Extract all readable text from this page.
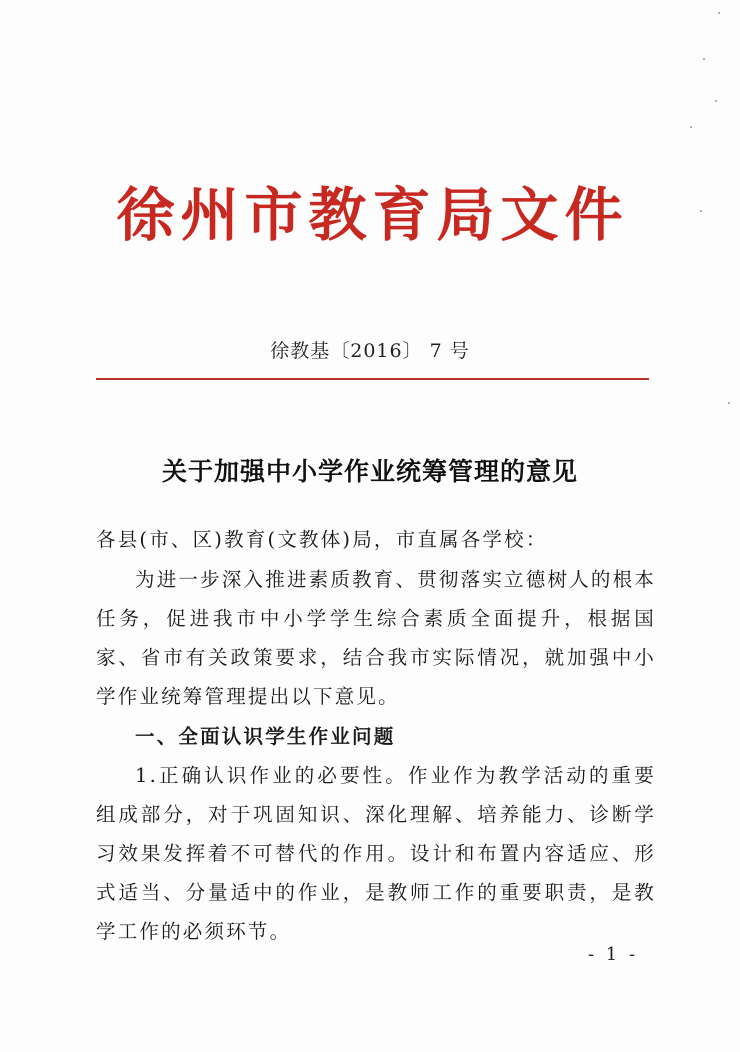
徐州市教育局文件
徐教基〔2016〕 7 号
关于加强中小学作业统筹管理的意见
各县(市、区)教育(文教体)局，市直属各学校：
为进一步深入推进素质教育、贯彻落实立德树人的根本任务，促进我市中小学学生综合素质全面提升，根据国家、省市有关政策要求，结合我市实际情况，就加强中小学作业统筹管理提出以下意见。
一、全面认识学生作业问题
1.正确认识作业的必要性。作业作为教学活动的重要组成部分，对于巩固知识、深化理解、培养能力、诊断学习效果发挥着不可替代的作用。设计和布置内容适应、形式适当、分量适中的作业，是教师工作的重要职责，是教学工作的必须环节。
- 1 -
